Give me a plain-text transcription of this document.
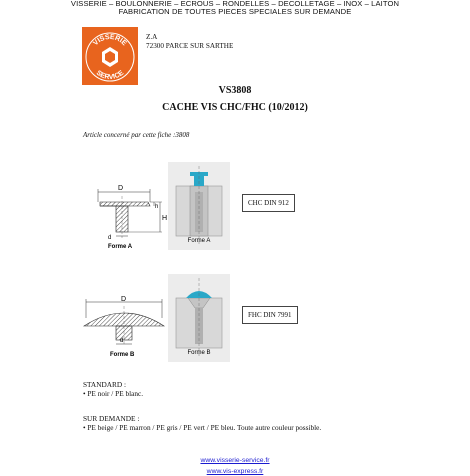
VISSERIE – BOULONNERIE – ECROUS – RONDELLES – DECOLLETAGE – INOX – LAITON
FABRICATION DE TOUTES PIECES SPECIALES SUR DEMANDE
VISSERIE
SERVICE
Z.A
72300 PARCE SUR SARTHE
VS3808
CACHE VIS CHC/FHC (10/2012)
Article concerné par cette fiche :3808
D
h
H
d
Forme A
Forme A
CHC DIN 912
D
d
Forme B	Forme B
FHC DIN 7991
STANDARD :
• PE noir / PE blanc.
SUR DEMANDE :
• PE beige / PE marron / PE gris / PE vert / PE bleu. Toute autre couleur possible.
www.visserie-service.fr
www.vis-express.fr
